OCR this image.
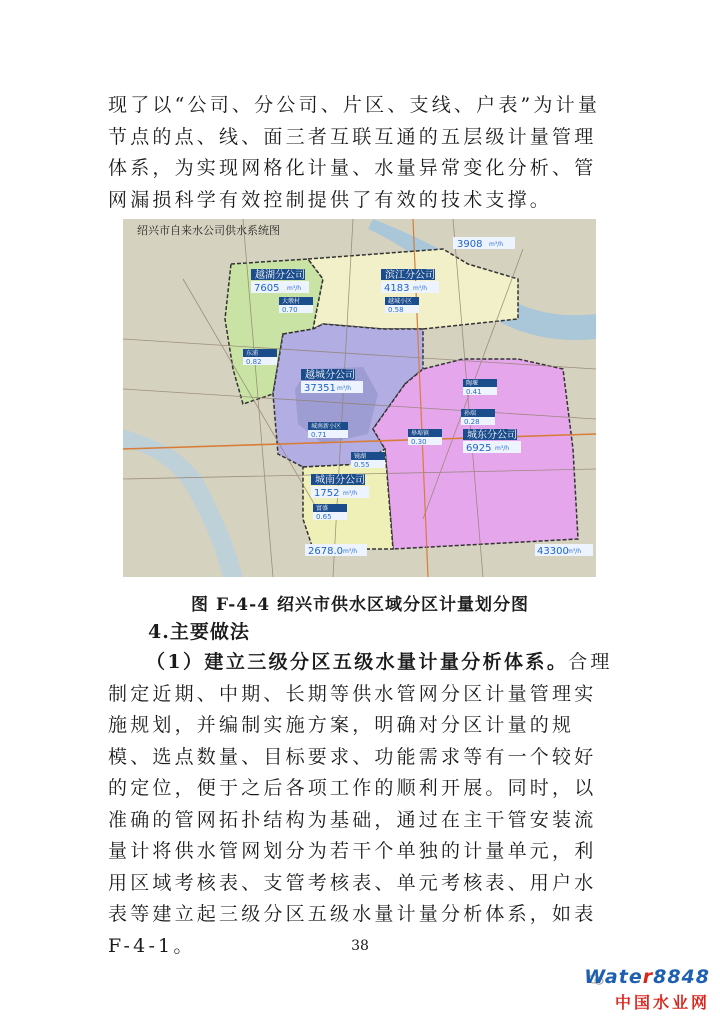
现了以“公司、分公司、片区、支线、户表”为计量节点的点、线、面三者互联互通的五层级计量管理体系，为实现网格化计量、水量异常变化分析、管网漏损科学有效控制提供了有效的技术支撑。

绍兴市自来水公司供水系统图
越湖分公司
7605 m³/h
滨江分公司
4183 m³/h
越城分公司
37351 m³/h
城东分公司
6925 m³/h
城南分公司
1752 m³/h
3908 m³/h
2678.0 m³/h	43300
m³/h
大墩村
0.70
东浦
0.82
越城小区
0.58
陶堰
0.41
孙端
0.28
皋埠镇
0.30
城南新小区
0.71
镜湖
0.55
富盛
0.65
图 F-4-4 绍兴市供水区域分区计量划分图
4.主要做法

（1）建立三级分区五级水量计量分析体系。合理制定近期、中期、长期等供水管网分区计量管理实施规划，并编制实施方案，明确对分区计量的规模、选点数量、目标要求、功能需求等有一个较好的定位，便于之后各项工作的顺利开展。同时，以准确的管网拓扑结构为基础，通过在主干管安装流量计将供水管网划分为若干个单独的计量单元，利用区域考核表、支管考核表、单元考核表、用户水表等建立起三级分区五级水量计量分析体系，如表F-4-1。	38
Water8848
中国水业网
